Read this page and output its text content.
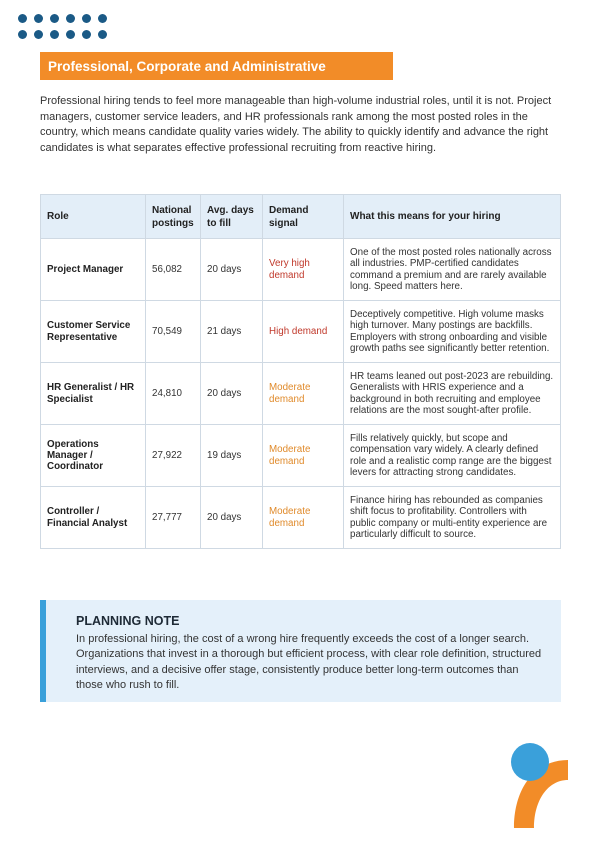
Professional, Corporate and Administrative

Professional hiring tends to feel more manageable than high-volume industrial roles, until it is not. Project managers, customer service leaders, and HR professionals rank among the most posted roles in the country, which means candidate quality varies widely. The ability to quickly identify and advance the right candidates is what separates effective professional recruiting from reactive hiring.

Role	National postings	Avg. days to fill	Demand signal	What this means for your hiring
Project Manager	56,082	20 days	Very high demand	One of the most posted roles nationally across all industries. PMP-certified candidates command a premium and are rarely available long. Speed matters here.
Customer Service Representative	70,549	21 days	High demand	Deceptively competitive. High volume masks high turnover. Many postings are backfills. Employers with strong onboarding and visible growth paths see significantly better retention.
HR Generalist / HR Specialist	24,810	20 days	Moderate demand	HR teams leaned out post-2023 are rebuilding. Generalists with HRIS experience and a background in both recruiting and employee relations are the most sought-after profile.
Operations Manager / Coordinator	27,922	19 days	Moderate demand	Fills relatively quickly, but scope and compensation vary widely. A clearly defined role and a realistic comp range are the biggest levers for attracting strong candidates.
Controller / Financial Analyst	27,777	20 days	Moderate demand	Finance hiring has rebounded as companies shift focus to profitability. Controllers with public company or multi-entity experience are particularly difficult to source.
PLANNING NOTE

In professional hiring, the cost of a wrong hire frequently exceeds the cost of a longer search. Organizations that invest in a thorough but efficient process, with clear role definition, structured interviews, and a decisive offer stage, consistently produce better long-term outcomes than those who rush to fill.
